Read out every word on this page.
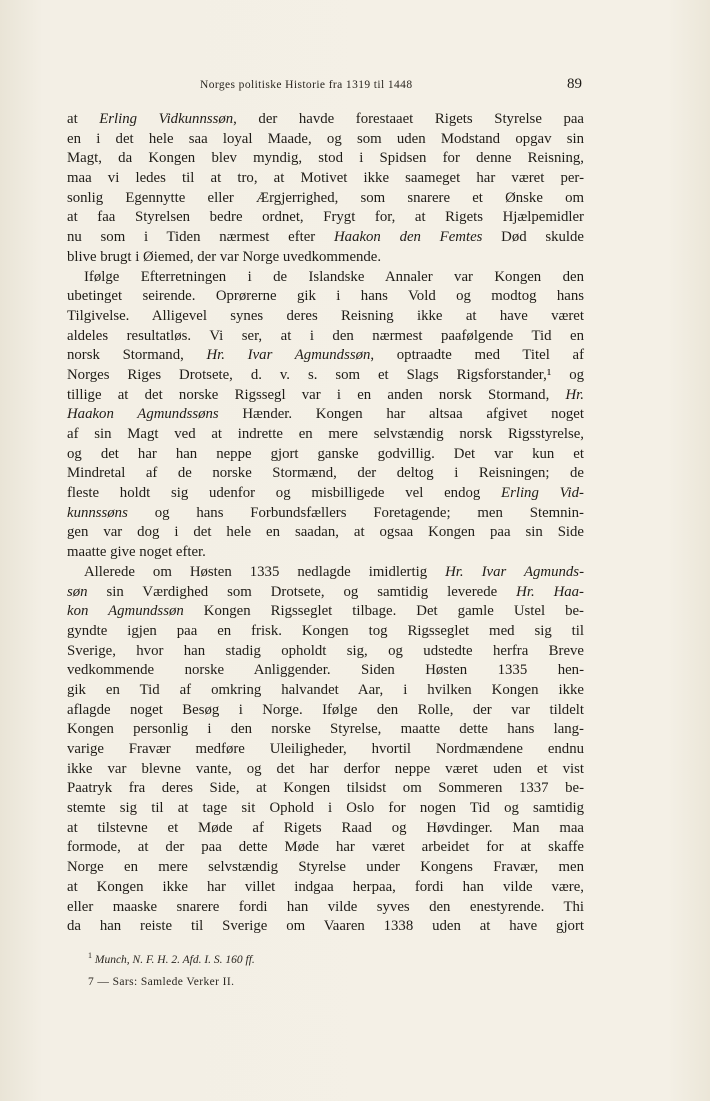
Norges politiske Historie fra 1319 til 1448	89
at Erling Vidkunnssøn, der havde forestaaet Rigets Styrelse paa
en i det hele saa loyal Maade, og som uden Modstand opgav sin
Magt, da Kongen blev myndig, stod i Spidsen for denne Reisning,
maa vi ledes til at tro, at Motivet ikke saameget har været per-
sonlig Egennytte eller Ærgjerrighed, som snarere et Ønske om
at faa Styrelsen bedre ordnet, Frygt for, at Rigets Hjælpemidler
nu som i Tiden nærmest efter Haakon den Femtes Død skulde
blive brugt i Øiemed, der var Norge uvedkommende.
Ifølge Efterretningen i de Islandske Annaler var Kongen den
ubetinget seirende. Oprørerne gik i hans Vold og modtog hans
Tilgivelse. Alligevel synes deres Reisning ikke at have været
aldeles resultatløs. Vi ser, at i den nærmest paafølgende Tid en
norsk Stormand, Hr. Ivar Agmundssøn, optraadte med Titel af
Norges Riges Drotsete, d. v. s. som et Slags Rigsforstander,¹ og
tillige at det norske Rigssegl var i en anden norsk Stormand, Hr.
Haakon Agmundssøns Hænder. Kongen har altsaa afgivet noget
af sin Magt ved at indrette en mere selvstændig norsk Rigsstyrelse,
og det har han neppe gjort ganske godvillig. Det var kun et
Mindretal af de norske Stormænd, der deltog i Reisningen; de
fleste holdt sig udenfor og misbilligede vel endog Erling Vid-
kunnssøns og hans Forbundsfællers Foretagende; men Stemnin-
gen var dog i det hele en saadan, at ogsaa Kongen paa sin Side
maatte give noget efter.
Allerede om Høsten 1335 nedlagde imidlertig Hr. Ivar Agmunds-
søn sin Værdighed som Drotsete, og samtidig leverede Hr. Haa-
kon Agmundssøn Kongen Rigsseglet tilbage. Det gamle Ustel be-
gyndte igjen paa en frisk. Kongen tog Rigsseglet med sig til
Sverige, hvor han stadig opholdt sig, og udstedte herfra Breve
vedkommende norske Anliggender. Siden Høsten 1335 hen-
gik en Tid af omkring halvandet Aar, i hvilken Kongen ikke
aflagde noget Besøg i Norge. Ifølge den Rolle, der var tildelt
Kongen personlig i den norske Styrelse, maatte dette hans lang-
varige Fravær medføre Uleiligheder, hvortil Nordmændene endnu
ikke var blevne vante, og det har derfor neppe været uden et vist
Paatryk fra deres Side, at Kongen tilsidst om Sommeren 1337 be-
stemte sig til at tage sit Ophold i Oslo for nogen Tid og samtidig
at tilstevne et Møde af Rigets Raad og Høvdinger. Man maa
formode, at der paa dette Møde har været arbeidet for at skaffe
Norge en mere selvstændig Styrelse under Kongens Fravær, men
at Kongen ikke har villet indgaa herpaa, fordi han vilde være,
eller maaske snarere fordi han vilde syves den enestyrende. Thi
da han reiste til Sverige om Vaaren 1338 uden at have gjort
$^1$ Munch, N. F. H. 2. Afd. I. S. 160 ff.
7 — Sars: Samlede Verker II.
